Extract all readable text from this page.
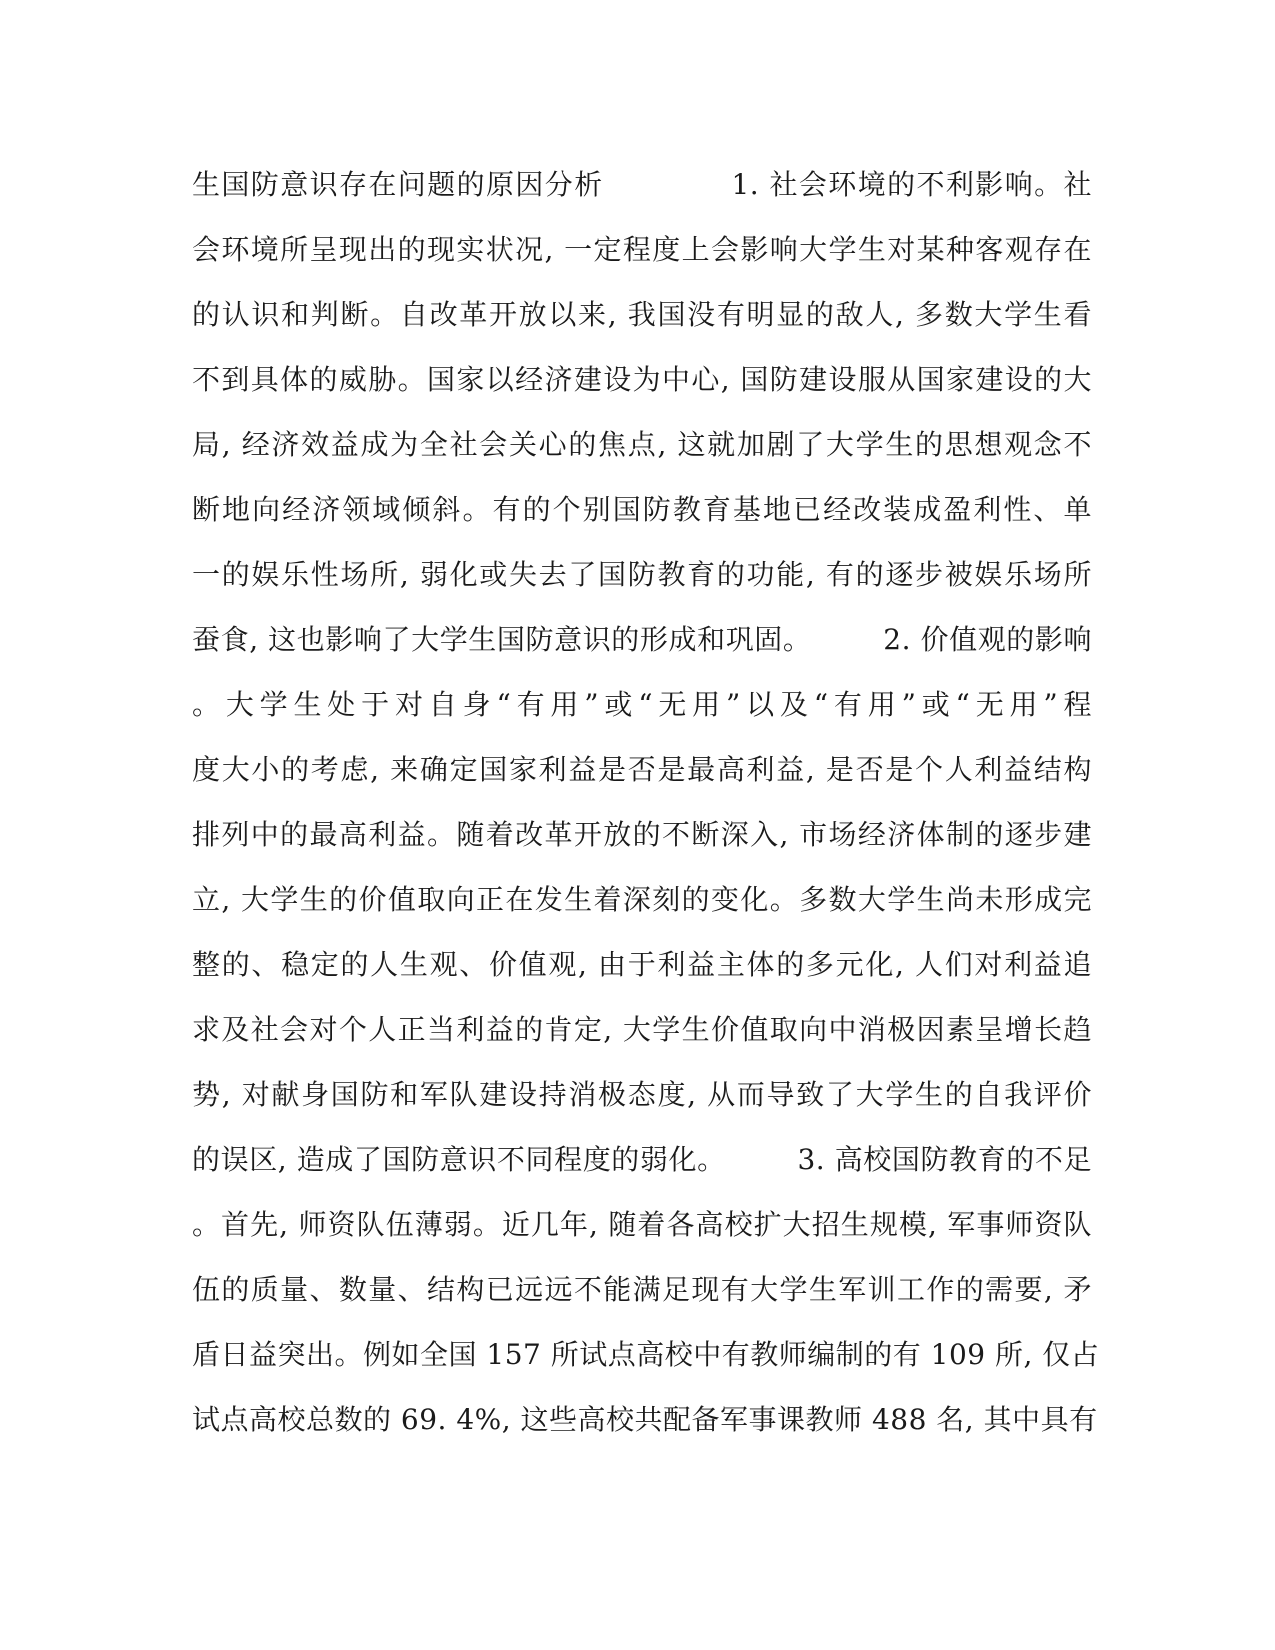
生国防意识存在问题的原因分析　　　　 1. 社会环境的不利影响。社
会环境所呈现出的现实状况, 一定程度上会影响大学生对某种客观存在
的认识和判断。自改革开放以来, 我国没有明显的敌人, 多数大学生看
不到具体的威胁。国家以经济建设为中心, 国防建设服从国家建设的大
局, 经济效益成为全社会关心的焦点, 这就加剧了大学生的思想观念不
断地向经济领域倾斜。有的个别国防教育基地已经改装成盈利性、单
一的娱乐性场所, 弱化或失去了国防教育的功能, 有的逐步被娱乐场所
蚕食, 这也影响了大学生国防意识的形成和巩固。　　　2. 价值观的影响
。大学生处于对自身“有用”或“无用”以及“有用”或“无用”程
度大小的考虑, 来确定国家利益是否是最高利益, 是否是个人利益结构
排列中的最高利益。随着改革开放的不断深入, 市场经济体制的逐步建
立, 大学生的价值取向正在发生着深刻的变化。多数大学生尚未形成完
整的、稳定的人生观、价值观, 由于利益主体的多元化, 人们对利益追
求及社会对个人正当利益的肯定, 大学生价值取向中消极因素呈增长趋
势, 对献身国防和军队建设持消极态度, 从而导致了大学生的自我评价
的误区, 造成了国防意识不同程度的弱化。　　　3. 高校国防教育的不足
。首先, 师资队伍薄弱。近几年, 随着各高校扩大招生规模, 军事师资队
伍的质量、数量、结构已远远不能满足现有大学生军训工作的需要, 矛
盾日益突出。例如全国 157 所试点高校中有教师编制的有 109 所, 仅占
试点高校总数的 69. 4%, 这些高校共配备军事课教师 488 名, 其中具有
